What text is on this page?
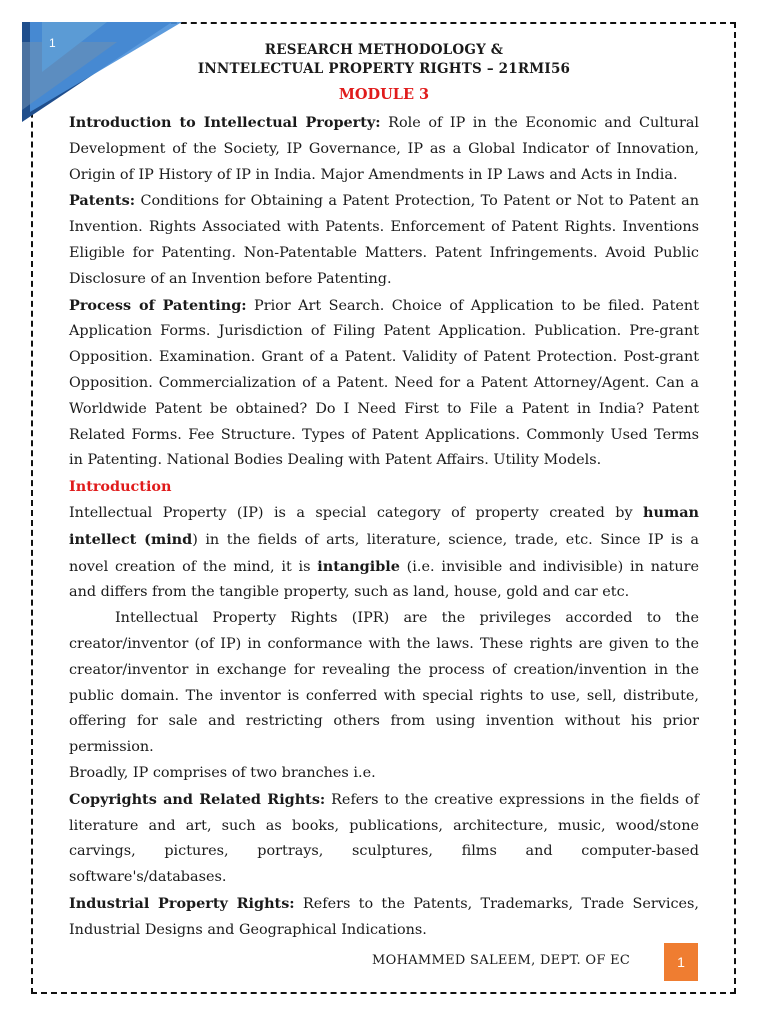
1	RESEARCH METHODOLOGY &
INNTELECTUAL PROPERTY RIGHTS – 21RMI56
MODULE 3

Introduction to Intellectual Property: Role of IP in the Economic and Cultural Development of the Society, IP Governance, IP as a Global Indicator of Innovation, Origin of IP History of IP in India. Major Amendments in IP Laws and Acts in India.

Patents: Conditions for Obtaining a Patent Protection, To Patent or Not to Patent an Invention. Rights Associated with Patents. Enforcement of Patent Rights. Inventions Eligible for Patenting. Non-Patentable Matters. Patent Infringements. Avoid Public Disclosure of an Invention before Patenting.

Process of Patenting: Prior Art Search. Choice of Application to be filed. Patent Application Forms. Jurisdiction of Filing Patent Application. Publication. Pre-grant Opposition. Examination. Grant of a Patent. Validity of Patent Protection. Post-grant Opposition. Commercialization of a Patent. Need for a Patent Attorney/Agent. Can a Worldwide Patent be obtained? Do I Need First to File a Patent in India? Patent Related Forms. Fee Structure. Types of Patent Applications. Commonly Used Terms in Patenting. National Bodies Dealing with Patent Affairs. Utility Models.

Introduction

Intellectual Property (IP) is a special category of property created by human intellect (mind) in the fields of arts, literature, science, trade, etc. Since IP is a novel creation of the mind, it is intangible (i.e. invisible and indivisible) in nature and differs from the tangible property, such as land, house, gold and car etc.

Intellectual Property Rights (IPR) are the privileges accorded to the creator/inventor (of IP) in conformance with the laws. These rights are given to the creator/inventor in exchange for revealing the process of creation/invention in the public domain. The inventor is conferred with special rights to use, sell, distribute, offering for sale and restricting others from using invention without his prior permission.

Broadly, IP comprises of two branches i.e.

Copyrights and Related Rights: Refers to the creative expressions in the fields of literature and art, such as books, publications, architecture, music, wood/stone carvings, pictures, portrays, sculptures, films and computer-based software's/databases.

Industrial Property Rights: Refers to the Patents, Trademarks, Trade Services, Industrial Designs and Geographical Indications.

MOHAMMED SALEEM, DEPT. OF EC	1
